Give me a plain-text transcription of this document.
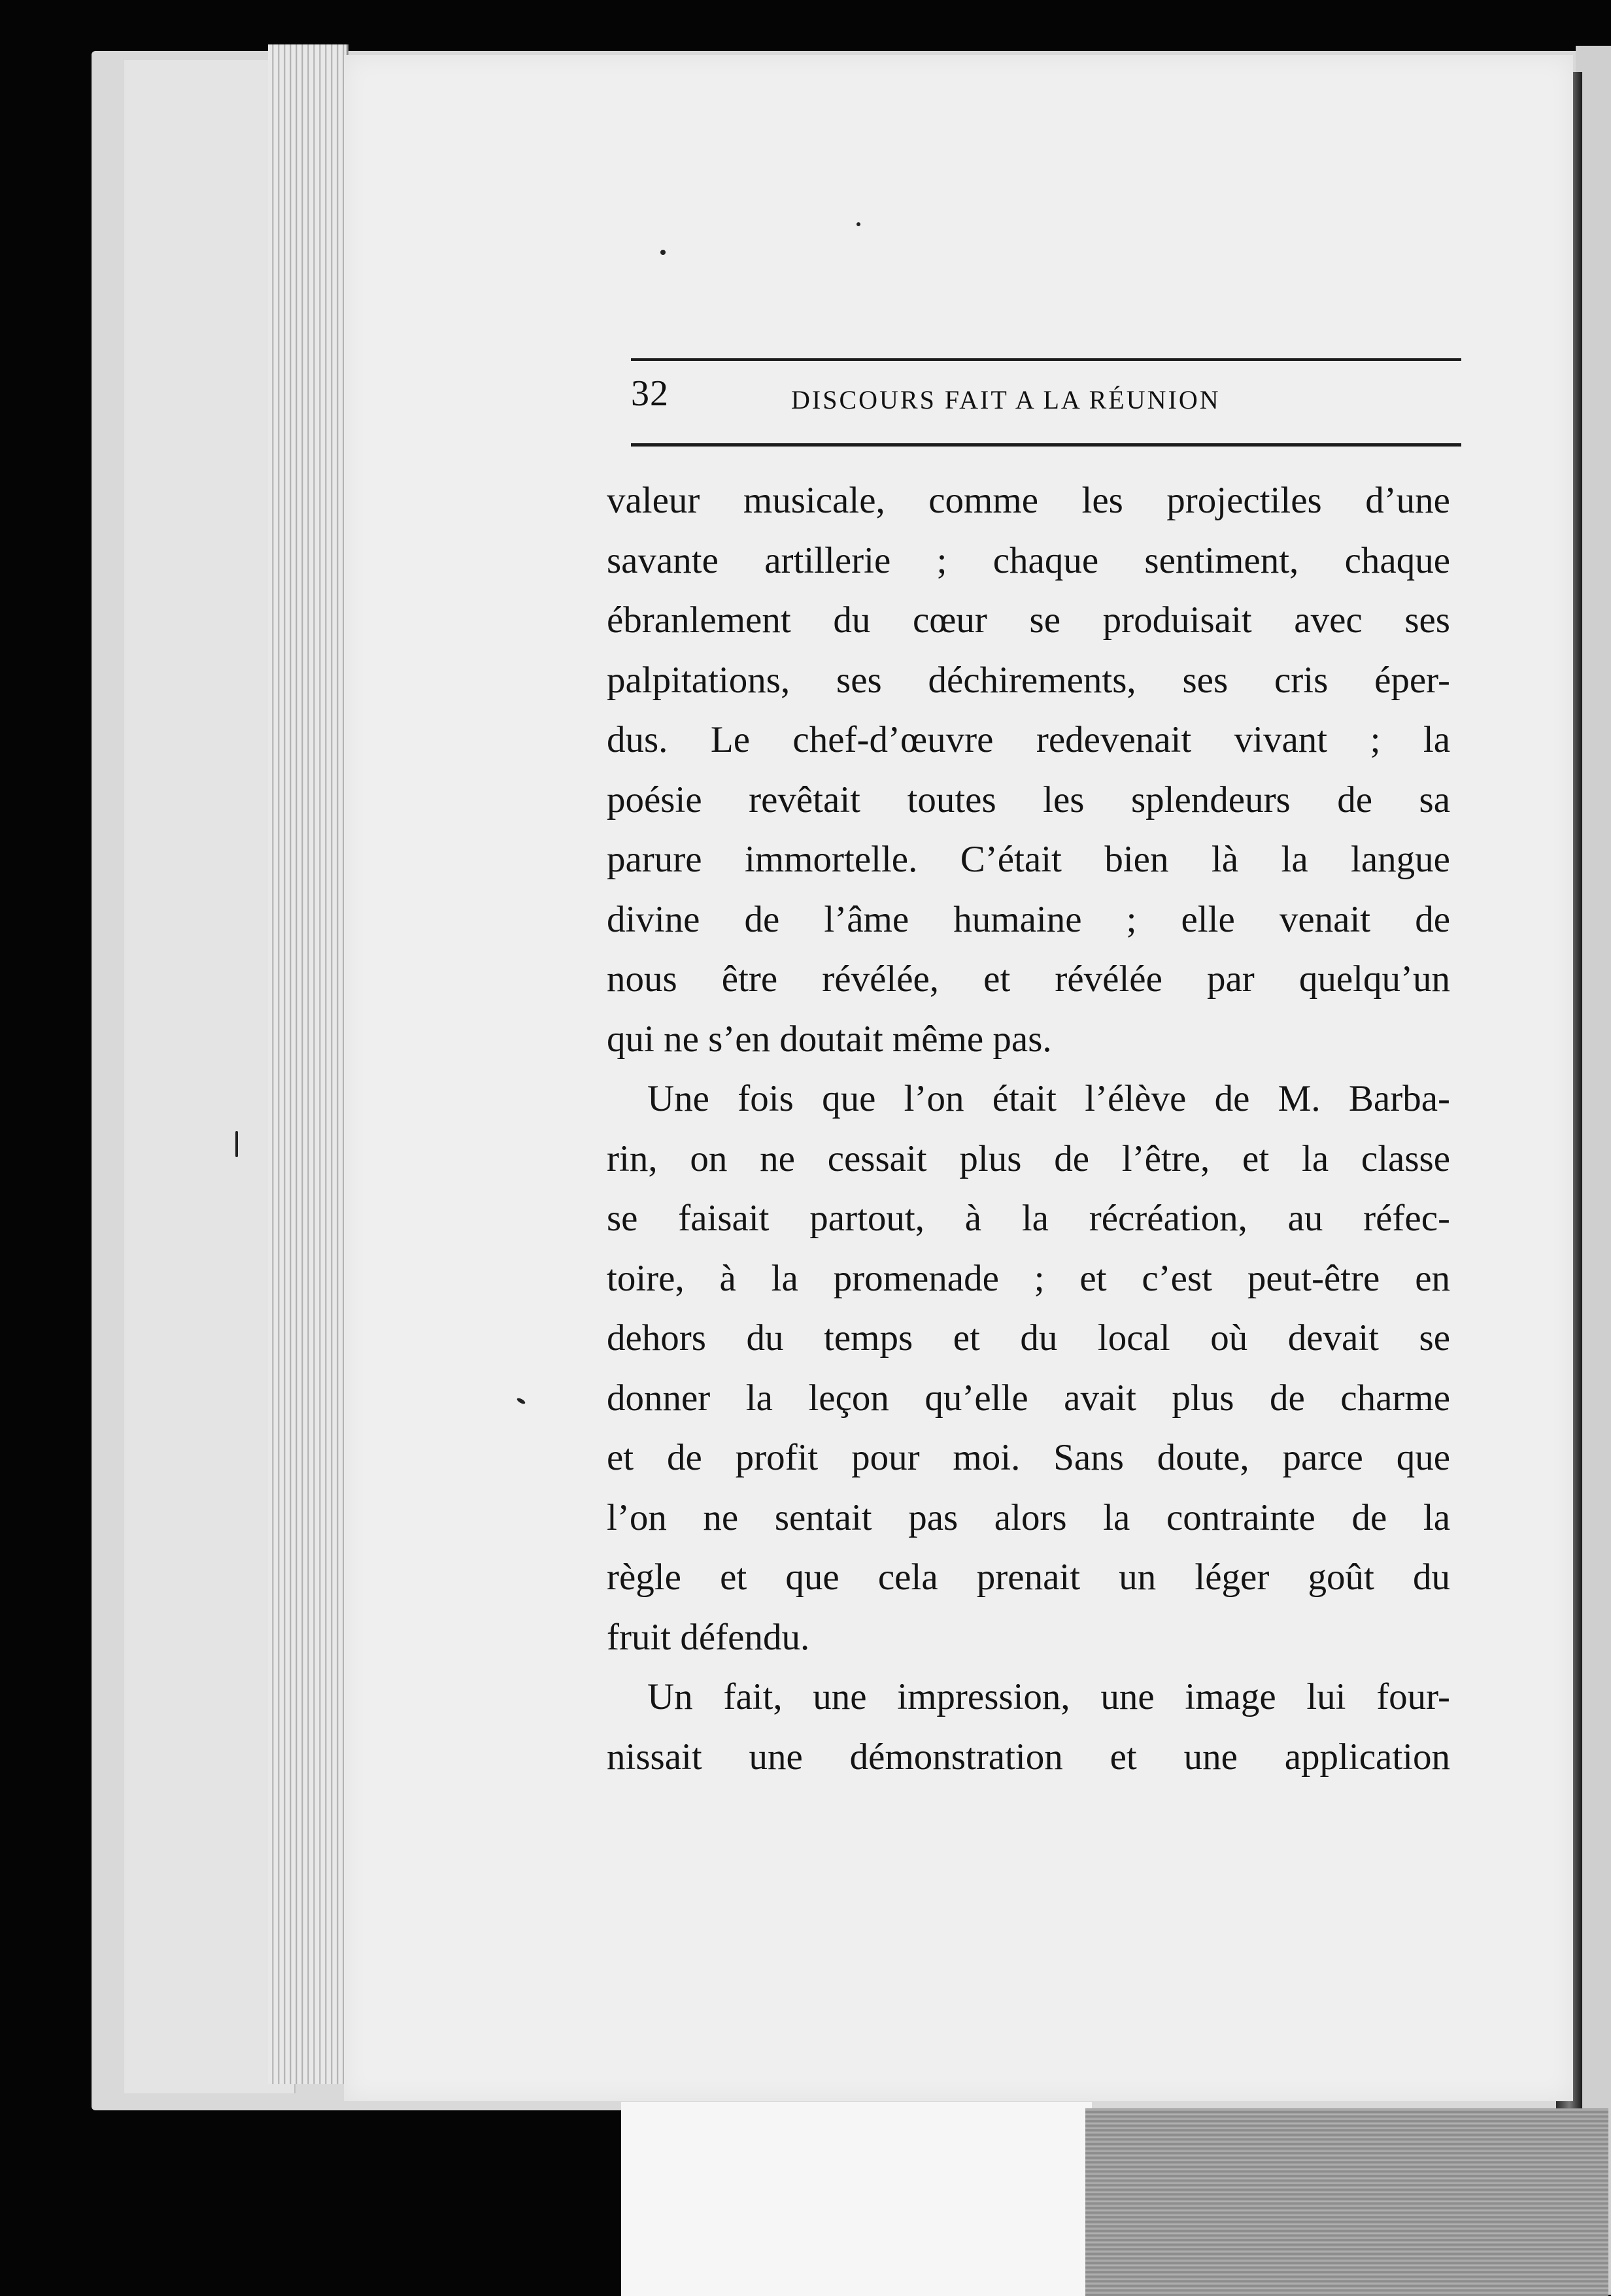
32	DISCOURS FAIT A LA RÉUNION
valeur musicale, comme les projectiles d’une
savante artillerie ; chaque sentiment, chaque
ébranlement du cœur se produisait avec ses
palpitations, ses déchirements, ses cris éper-
dus. Le chef-d’œuvre redevenait vivant ; la
poésie revêtait toutes les splendeurs de sa
parure immortelle. C’était bien là la langue
divine de l’âme humaine ; elle venait de
nous être révélée, et révélée par quelqu’un
qui ne s’en doutait même pas.
Une fois que l’on était l’élève de M. Barba-
rin, on ne cessait plus de l’être, et la classe
se faisait partout, à la récréation, au réfec-
toire, à la promenade ; et c’est peut-être en
dehors du temps et du local où devait se
donner la leçon qu’elle avait plus de charme
et de profit pour moi. Sans doute, parce que
l’on ne sentait pas alors la contrainte de la
règle et que cela prenait un léger goût du
fruit défendu.
Un fait, une impression, une image lui four-
nissait une démonstration et une application
